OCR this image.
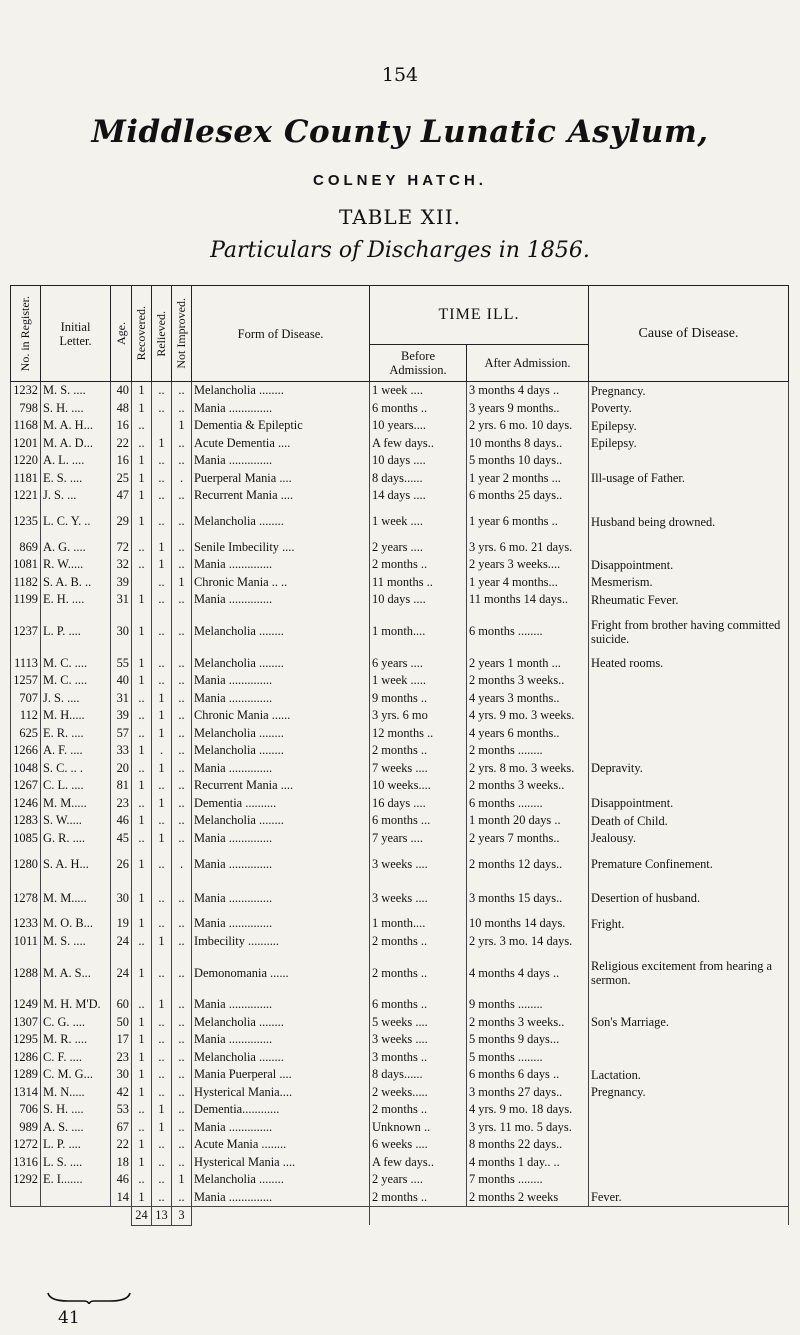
154
Middlesex County Lunatic Asylum,
COLNEY HATCH.
TABLE XII.
Particulars of Discharges in 1856.
No. in Register.	Initial Letter.	Age.	Recovered.	Relieved.	Not Improved.	Form of Disease.	TIME ILL.		Cause of Disease.
							Before Admission.	After Admission.	
1232	M. S. ....	40	1	..	..	Melancholia ........	1 week ....	3 months 4 days ..	Pregnancy.
798	S. H. ....	48	1	..	..	Mania ..............	6 months ..	3 years 9 months..	Poverty.
1168	M. A. H...	16	..		1	Dementia & Epileptic	10 years....	2 yrs. 6 mo. 10 days.	Epilepsy.
1201	M. A. D...	22	..	1	..	Acute Dementia ....	A few days..	10 months 8 days..	Epilepsy.
1220	A. L. ....	16	1	..	..	Mania ..............	10 days ....	5 months 10 days..	
1181	E. S. ....	25	1	..	.	Puerperal Mania ....	8 days......	1 year 2 months ...	Ill-usage of Father.
1221	J. S. ...	47	1	..	..	Recurrent Mania ....	14 days ....	6 months 25 days..	
1235	L. C. Y. ..	29	1	..	..	Melancholia ........	1 week ....	1 year 6 months ..	Husband being drowned.
869	A. G. ....	72	..	1	..	Senile Imbecility ....	2 years ....	3 yrs. 6 mo. 21 days.	
1081	R. W.....	32	..	1	..	Mania ..............	2 months ..	2 years 3 weeks....	Disappointment.
1182	S. A. B. ..	39		..	1	Chronic Mania .. ..	11 months ..	1 year 4 months...	Mesmerism.
1199	E. H. ....	31	1	..	..	Mania ..............	10 days ....	11 months 14 days..	Rheumatic Fever.
1237	L. P. ....	30	1	..	..	Melancholia ........	1 month....	6 months ........	Fright from brother having committed suicide.
1113	M. C. ....	55	1	..	..	Melancholia ........	6 years ....	2 years 1 month ...	Heated rooms.
1257	M. C. ....	40	1	..	..	Mania ..............	1 week .....	2 months 3 weeks..	
707	J. S. ....	31	..	1	..	Mania ..............	9 months ..	4 years 3 months..	
112	M. H.....	39	..	1	..	Chronic Mania ......	3 yrs. 6 mo	4 yrs. 9 mo. 3 weeks.	
625	E. R. ....	57	..	1	..	Melancholia ........	12 months ..	4 years 6 months..	
1266	A. F. ....	33	1	.	..	Melancholia ........	2 months ..	2 months ........	
1048	S. C. .. .	20	..	1	..	Mania ..............	7 weeks ....	2 yrs. 8 mo. 3 weeks.	Depravity.
1267	C. L. ....	81	1	..	..	Recurrent Mania ....	10 weeks....	2 months 3 weeks..	
1246	M. M.....	23	..	1	..	Dementia ..........	16 days ....	6 months ........	Disappointment.
1283	S. W.....	46	1	..	..	Melancholia ........	6 months ...	1 month 20 days ..	Death of Child.
1085	G. R. ....	45	..	1	..	Mania ..............	7 years ....	2 years 7 months..	Jealousy.
1280	S. A. H...	26	1	..	.	Mania ..............	3 weeks ....	2 months 12 days..	Premature Confinement.
1278	M. M.....	30	1	..	..	Mania ..............	3 weeks ....	3 months 15 days..	Desertion of husband.
1233	M. O. B...	19	1	..	..	Mania ..............	1 month....	10 months 14 days.	Fright.
1011	M. S. ....	24	..	1	..	Imbecility ..........	2 months ..	2 yrs. 3 mo. 14 days.	
1288	M. A. S...	24	1	..	..	Demonomania ......	2 months ..	4 months 4 days ..	Religious excitement from hearing a sermon.
1249	M. H. M'D.	60	..	1	..	Mania ..............	6 months ..	9 months ........	
1307	C. G. ....	50	1	..	..	Melancholia ........	5 weeks ....	2 months 3 weeks..	Son's Marriage.
1295	M. R. ....	17	1	..	..	Mania ..............	3 weeks ....	5 months 9 days...	
1286	C. F. ....	23	1	..	..	Melancholia ........	3 months ..	5 months ........	
1289	C. M. G...	30	1	..	..	Mania Puerperal ....	8 days......	6 months 6 days ..	Lactation.
1314	M. N.....	42	1	..	..	Hysterical Mania....	2 weeks.....	3 months 27 days..	Pregnancy.
706	S. H. ....	53	..	1	..	Dementia............	2 months ..	4 yrs. 9 mo. 18 days.	
989	A. S. ....	67	..	1	..	Mania ..............	Unknown ..	3 yrs. 11 mo. 5 days.	
1272	L. P. ....	22	1	..	..	Acute Mania ........	6 weeks ....	8 months 22 days..	
1316	L. S. ....	18	1	..	..	Hysterical Mania ....	A few days..	4 months 1 day.. ..	
1292	E. I.......	46	..	..	1	Melancholia ........	2 years ....	7 months ........	
		14	1	..	..	Mania ..............	2 months ..	2 months 2 weeks	Fever.
			24	13	3				
41
